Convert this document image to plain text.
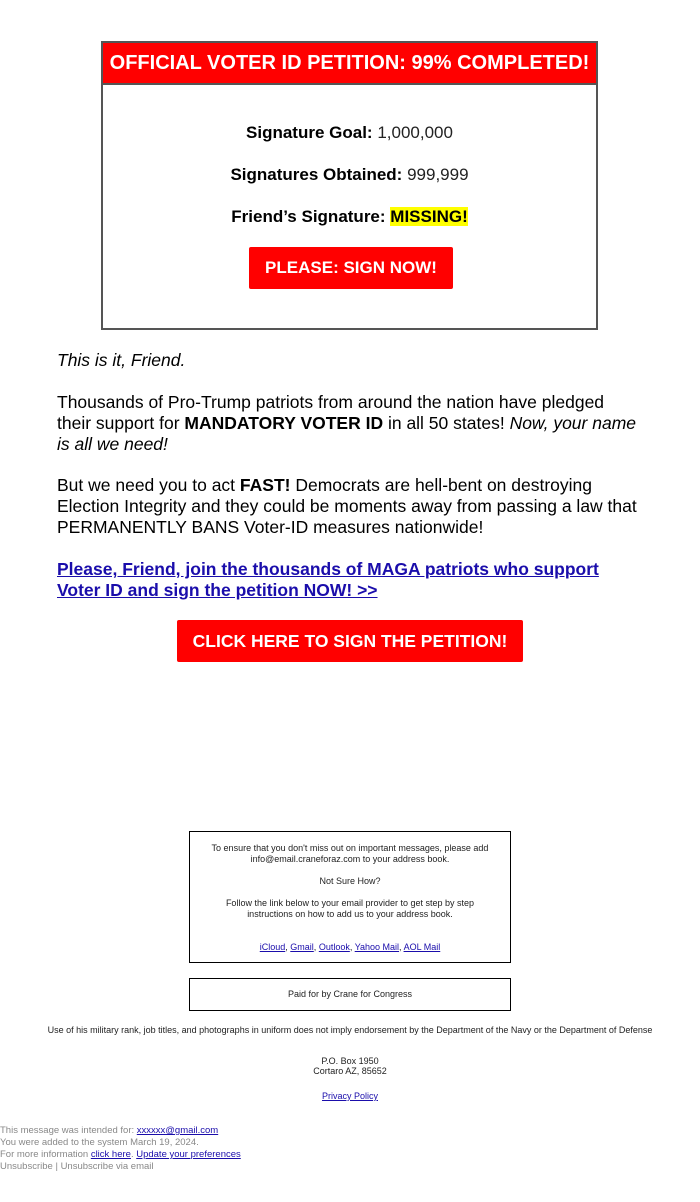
OFFICIAL VOTER ID PETITION: 99% COMPLETED!
Signature Goal: 1,000,000
Signatures Obtained: 999,999
Friend’s Signature: MISSING!
PLEASE: SIGN NOW!
This is it, Friend.
Thousands of Pro-Trump patriots from around the nation have pledged their support for MANDATORY VOTER ID in all 50 states! Now, your name is all we need!
But we need you to act FAST! Democrats are hell-bent on destroying Election Integrity and they could be moments away from passing a law that PERMANENTLY BANS Voter-ID measures nationwide!
Please, Friend, join the thousands of MAGA patriots who support Voter ID and sign the petition NOW! >>
CLICK HERE TO SIGN THE PETITION!

To ensure that you don't miss out on important messages, please add info@email.craneforaz.com to your address book.

Not Sure How?

Follow the link below to your email provider to get step by step instructions on how to add us to your address book.

iCloud, Gmail, Outlook, Yahoo Mail, AOL Mail

Paid for by Crane for Congress
Use of his military rank, job titles, and photographs in uniform does not imply endorsement by the Department of the Navy or the Department of Defense
P.O. Box 1950
Cortaro AZ, 85652
Privacy Policy
This message was intended for: xxxxxx@gmail.com
You were added to the system March 19, 2024.
For more information click here. Update your preferences
Unsubscribe | Unsubscribe via email
